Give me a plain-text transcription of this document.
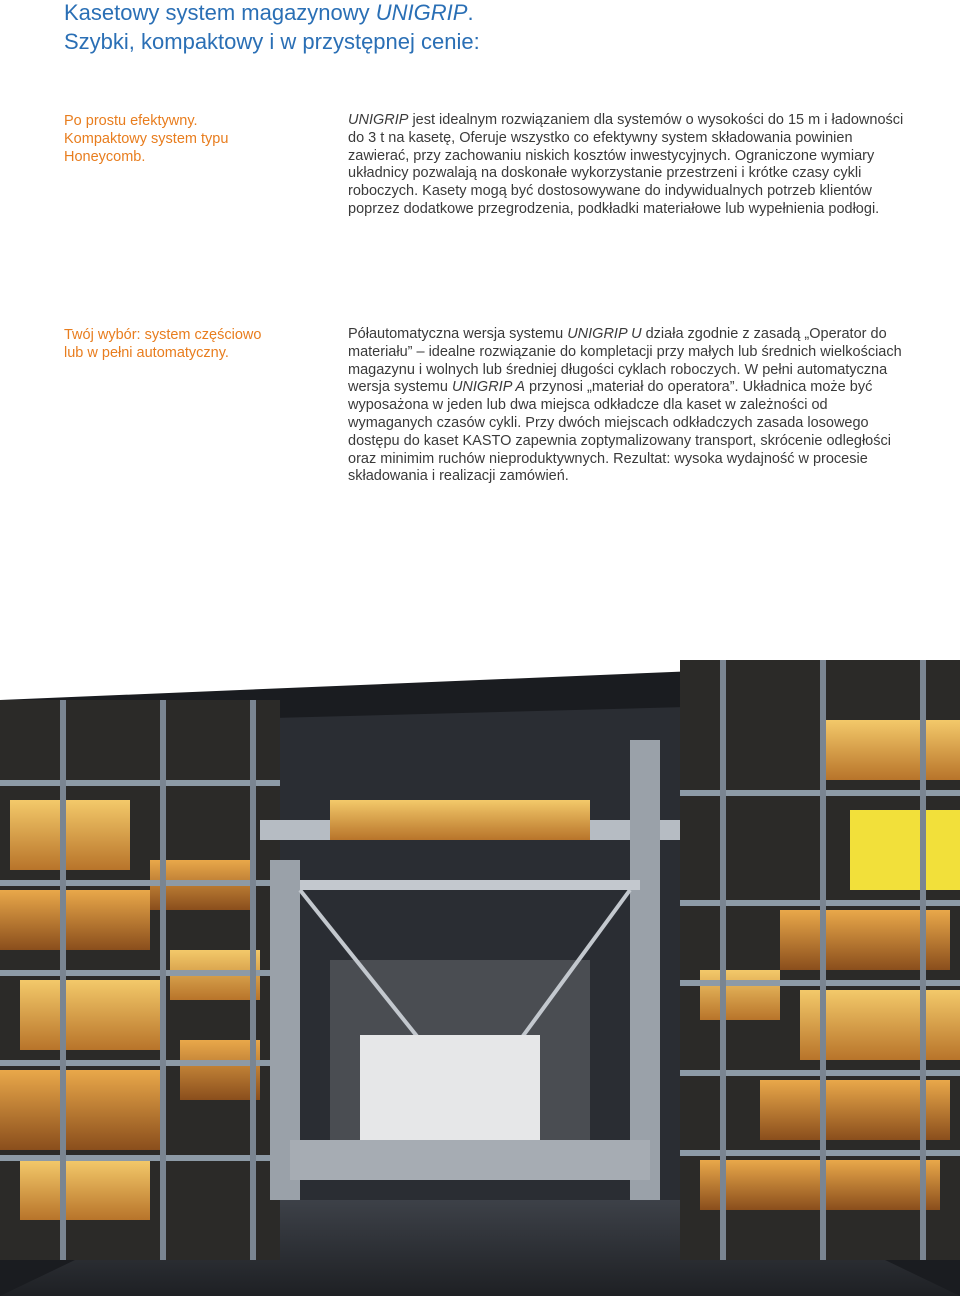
Kasetowy system magazynowy UNIGRIP.
Szybki, kompaktowy i w przystępnej cenie:
Po prostu efektywny.
Kompaktowy system typu
Honeycomb.

UNIGRIP jest idealnym rozwiązaniem dla systemów o wysokości do 15 m i ładowności do 3 t na kasetę, Oferuje wszystko co efektywny system składowania powinien zawierać, przy zachowaniu niskich kosztów inwestycyjnych. Ograniczone wymiary układnicy pozwalają na doskonałe wykorzystanie przestrzeni i krótke czasy cykli roboczych. Kasety mogą być dostosowywane do indywidualnych potrzeb klientów poprzez dodatkowe przegrodzenia, podkładki materiałowe lub wypełnienia podłogi.

Twój wybór: system częściowo
lub w pełni automatyczny.

Półautomatyczna wersja systemu UNIGRIP U działa zgodnie z zasadą „Operator do materiału” – idealne rozwiązanie do kompletacji przy małych lub średnich wielkościach magazynu i wolnych lub średniej długości cyklach roboczych. W pełni automatyczna wersja systemu UNIGRIP A przynosi „materiał do operatora”. Układnica może być wyposażona w jeden lub dwa miejsca odkładcze dla kaset w zależności od wymaganych czasów cykli. Przy dwóch miejscach odkładczych zasada losowego dostępu do kaset KASTO zapewnia zoptymalizowany transport, skrócenie odległości oraz minimim ruchów nieproduktywnych. Rezultat: wysoka wydajność w procesie składowania i realizacji zamówień.
